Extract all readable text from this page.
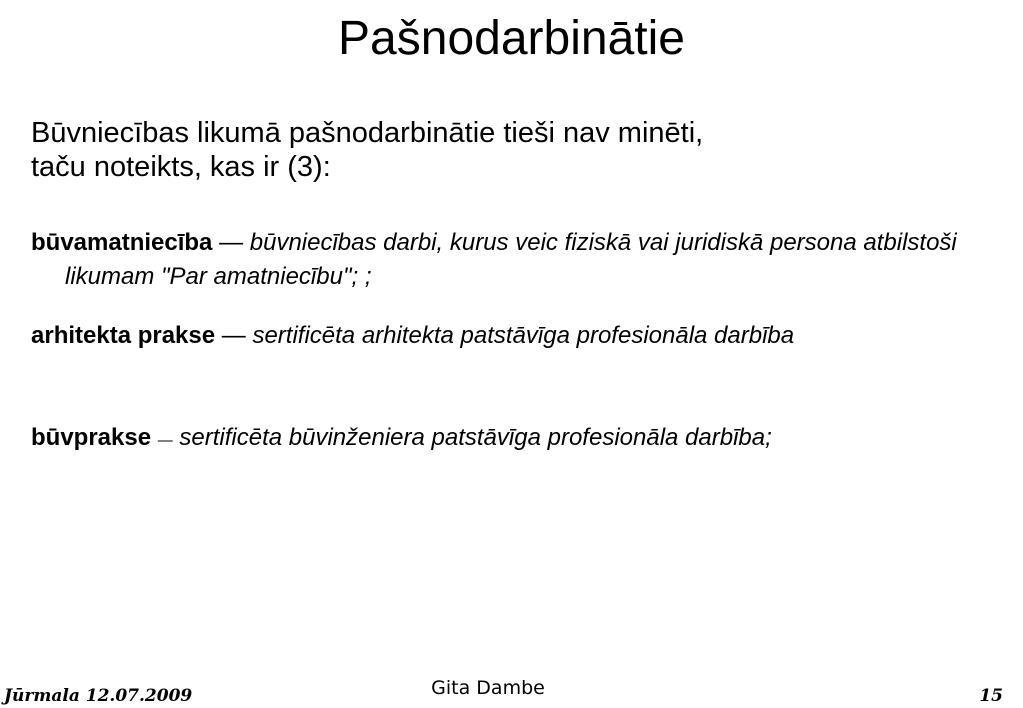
Pašnodarbinātie
Būvniecības likumā pašnodarbinātie tieši nav minēti,
taču noteikts, kas ir (3):
būvamatniecība — būvniecības darbi, kurus veic fiziskā vai juridiskā persona atbilstoši likumam "Par amatniecību"; ;
arhitekta prakse — sertificēta arhitekta patstāvīga profesionāla darbība
būvprakse — sertificēta būvinženiera patstāvīga profesionāla darbība;
Jūrmala 12.07.2009	Gita Dambe	15
